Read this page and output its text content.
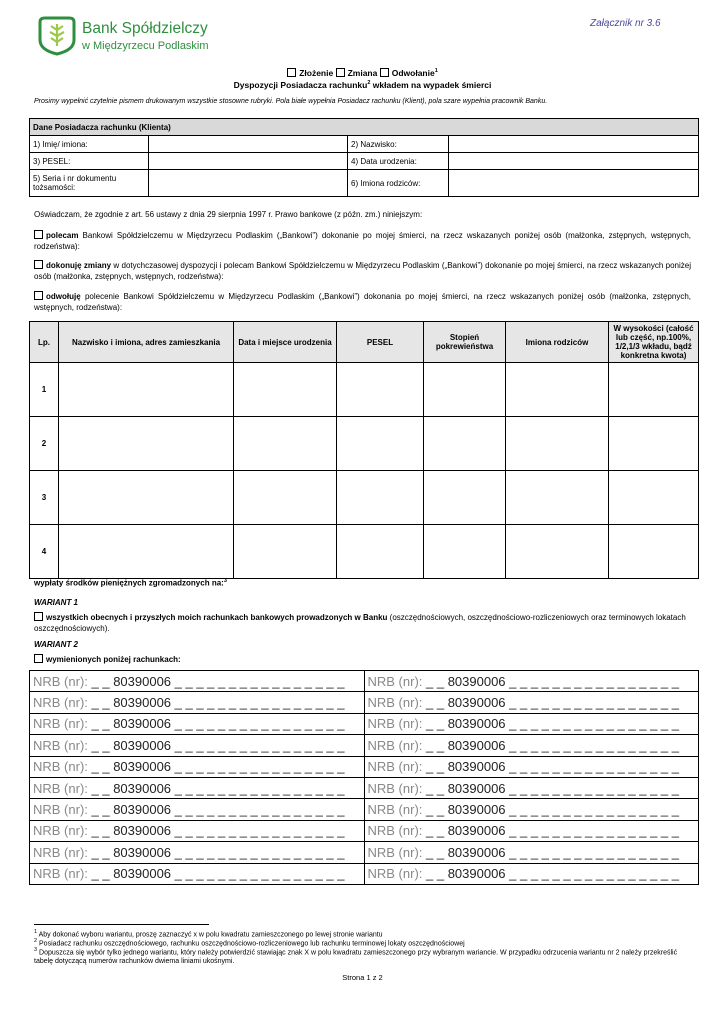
Bank Spółdzielczy
w Międzyrzecu Podlaskim
Załącznik nr 3.6
Złożenie Zmiana Odwołanie$^1$
Dyspozycji Posiadacza rachunku$^2$ wkładem na wypadek śmierci
Prosimy wypełnić czytelnie pismem drukowanym wszystkie stosowne rubryki. Pola białe wypełnia Posiadacz rachunku (Klient), pola szare wypełnia pracownik Banku.
Dane Posiadacza rachunku (Klienta)			
1) Imię/ imiona:		2) Nazwisko:	
3) PESEL:		4) Data urodzenia:	
5) Seria i nr dokumentu tożsamości:		6) Imiona rodziców:	
Oświadczam, że zgodnie z art. 56 ustawy z dnia 29 sierpnia 1997 r. Prawo bankowe (z późn. zm.) niniejszym:
polecam Bankowi Spółdzielczemu w Międzyrzecu Podlaskim („Bankowi”) dokonanie po mojej śmierci, na rzecz wskazanych poniżej osób (małżonka, zstępnych, wstępnych, rodzeństwa):
dokonuję zmiany w dotychczasowej dyspozycji i polecam Bankowi Spółdzielczemu w Międzyrzecu Podlaskim („Bankowi”) dokonanie po mojej śmierci, na rzecz wskazanych poniżej osób (małżonka, zstępnych, wstępnych, rodzeństwa):
odwołuję polecenie Bankowi Spółdzielczemu w Międzyrzecu Podlaskim („Bankowi”) dokonania po mojej śmierci, na rzecz wskazanych poniżej osób (małżonka, zstępnych, wstępnych, rodzeństwa):
Lp.	Nazwisko i imiona, adres zamieszkania	Data i miejsce urodzenia	PESEL	Stopień pokrewieństwa	Imiona rodziców	W wysokości (całość lub część, np.100%, 1/2,1/3 wkładu, bądź konkretna kwota)
1						
2						
3						
4						
wypłaty środków pieniężnych zgromadzonych na:$^3$
WARIANT 1
wszystkich obecnych i przyszłych moich rachunkach bankowych prowadzonych w Banku (oszczędnościowych, oszczędnościowo-rozliczeniowych oraz terminowych lokatach oszczędnościowych).
WARIANT 2
wymienionych poniżej rachunkach:
NRB (nr): _ _ 80390006 _ _ _ _ _ _ _ _ _ _ _ _ _ _ _ _	NRB (nr): _ _ 80390006 _ _ _ _ _ _ _ _ _ _ _ _ _ _ _ _
NRB (nr): _ _ 80390006 _ _ _ _ _ _ _ _ _ _ _ _ _ _ _ _	NRB (nr): _ _ 80390006 _ _ _ _ _ _ _ _ _ _ _ _ _ _ _ _
NRB (nr): _ _ 80390006 _ _ _ _ _ _ _ _ _ _ _ _ _ _ _ _	NRB (nr): _ _ 80390006 _ _ _ _ _ _ _ _ _ _ _ _ _ _ _ _
NRB (nr): _ _ 80390006 _ _ _ _ _ _ _ _ _ _ _ _ _ _ _ _	NRB (nr): _ _ 80390006 _ _ _ _ _ _ _ _ _ _ _ _ _ _ _ _
NRB (nr): _ _ 80390006 _ _ _ _ _ _ _ _ _ _ _ _ _ _ _ _	NRB (nr): _ _ 80390006 _ _ _ _ _ _ _ _ _ _ _ _ _ _ _ _
NRB (nr): _ _ 80390006 _ _ _ _ _ _ _ _ _ _ _ _ _ _ _ _	NRB (nr): _ _ 80390006 _ _ _ _ _ _ _ _ _ _ _ _ _ _ _ _
NRB (nr): _ _ 80390006 _ _ _ _ _ _ _ _ _ _ _ _ _ _ _ _	NRB (nr): _ _ 80390006 _ _ _ _ _ _ _ _ _ _ _ _ _ _ _ _
NRB (nr): _ _ 80390006 _ _ _ _ _ _ _ _ _ _ _ _ _ _ _ _	NRB (nr): _ _ 80390006 _ _ _ _ _ _ _ _ _ _ _ _ _ _ _ _
NRB (nr): _ _ 80390006 _ _ _ _ _ _ _ _ _ _ _ _ _ _ _ _	NRB (nr): _ _ 80390006 _ _ _ _ _ _ _ _ _ _ _ _ _ _ _ _
NRB (nr): _ _ 80390006 _ _ _ _ _ _ _ _ _ _ _ _ _ _ _ _	NRB (nr): _ _ 80390006 _ _ _ _ _ _ _ _ _ _ _ _ _ _ _ _
$^1$ Aby dokonać wyboru wariantu, proszę zaznaczyć x w polu kwadratu zamieszczonego po lewej stronie wariantu
$^2$ Posiadacz rachunku oszczędnościowego, rachunku oszczędnościowo-rozliczeniowego lub rachunku terminowej lokaty oszczędnościowej
$^3$ Dopuszcza się wybór tylko jednego wariantu, który należy potwierdzić stawiając znak X w polu kwadratu zamieszczonego przy wybranym wariancie. W przypadku odrzucenia wariantu nr 2 należy przekreślić tabelę dotyczącą numerów rachunków dwiema liniami ukośnymi.
Strona 1 z 2
